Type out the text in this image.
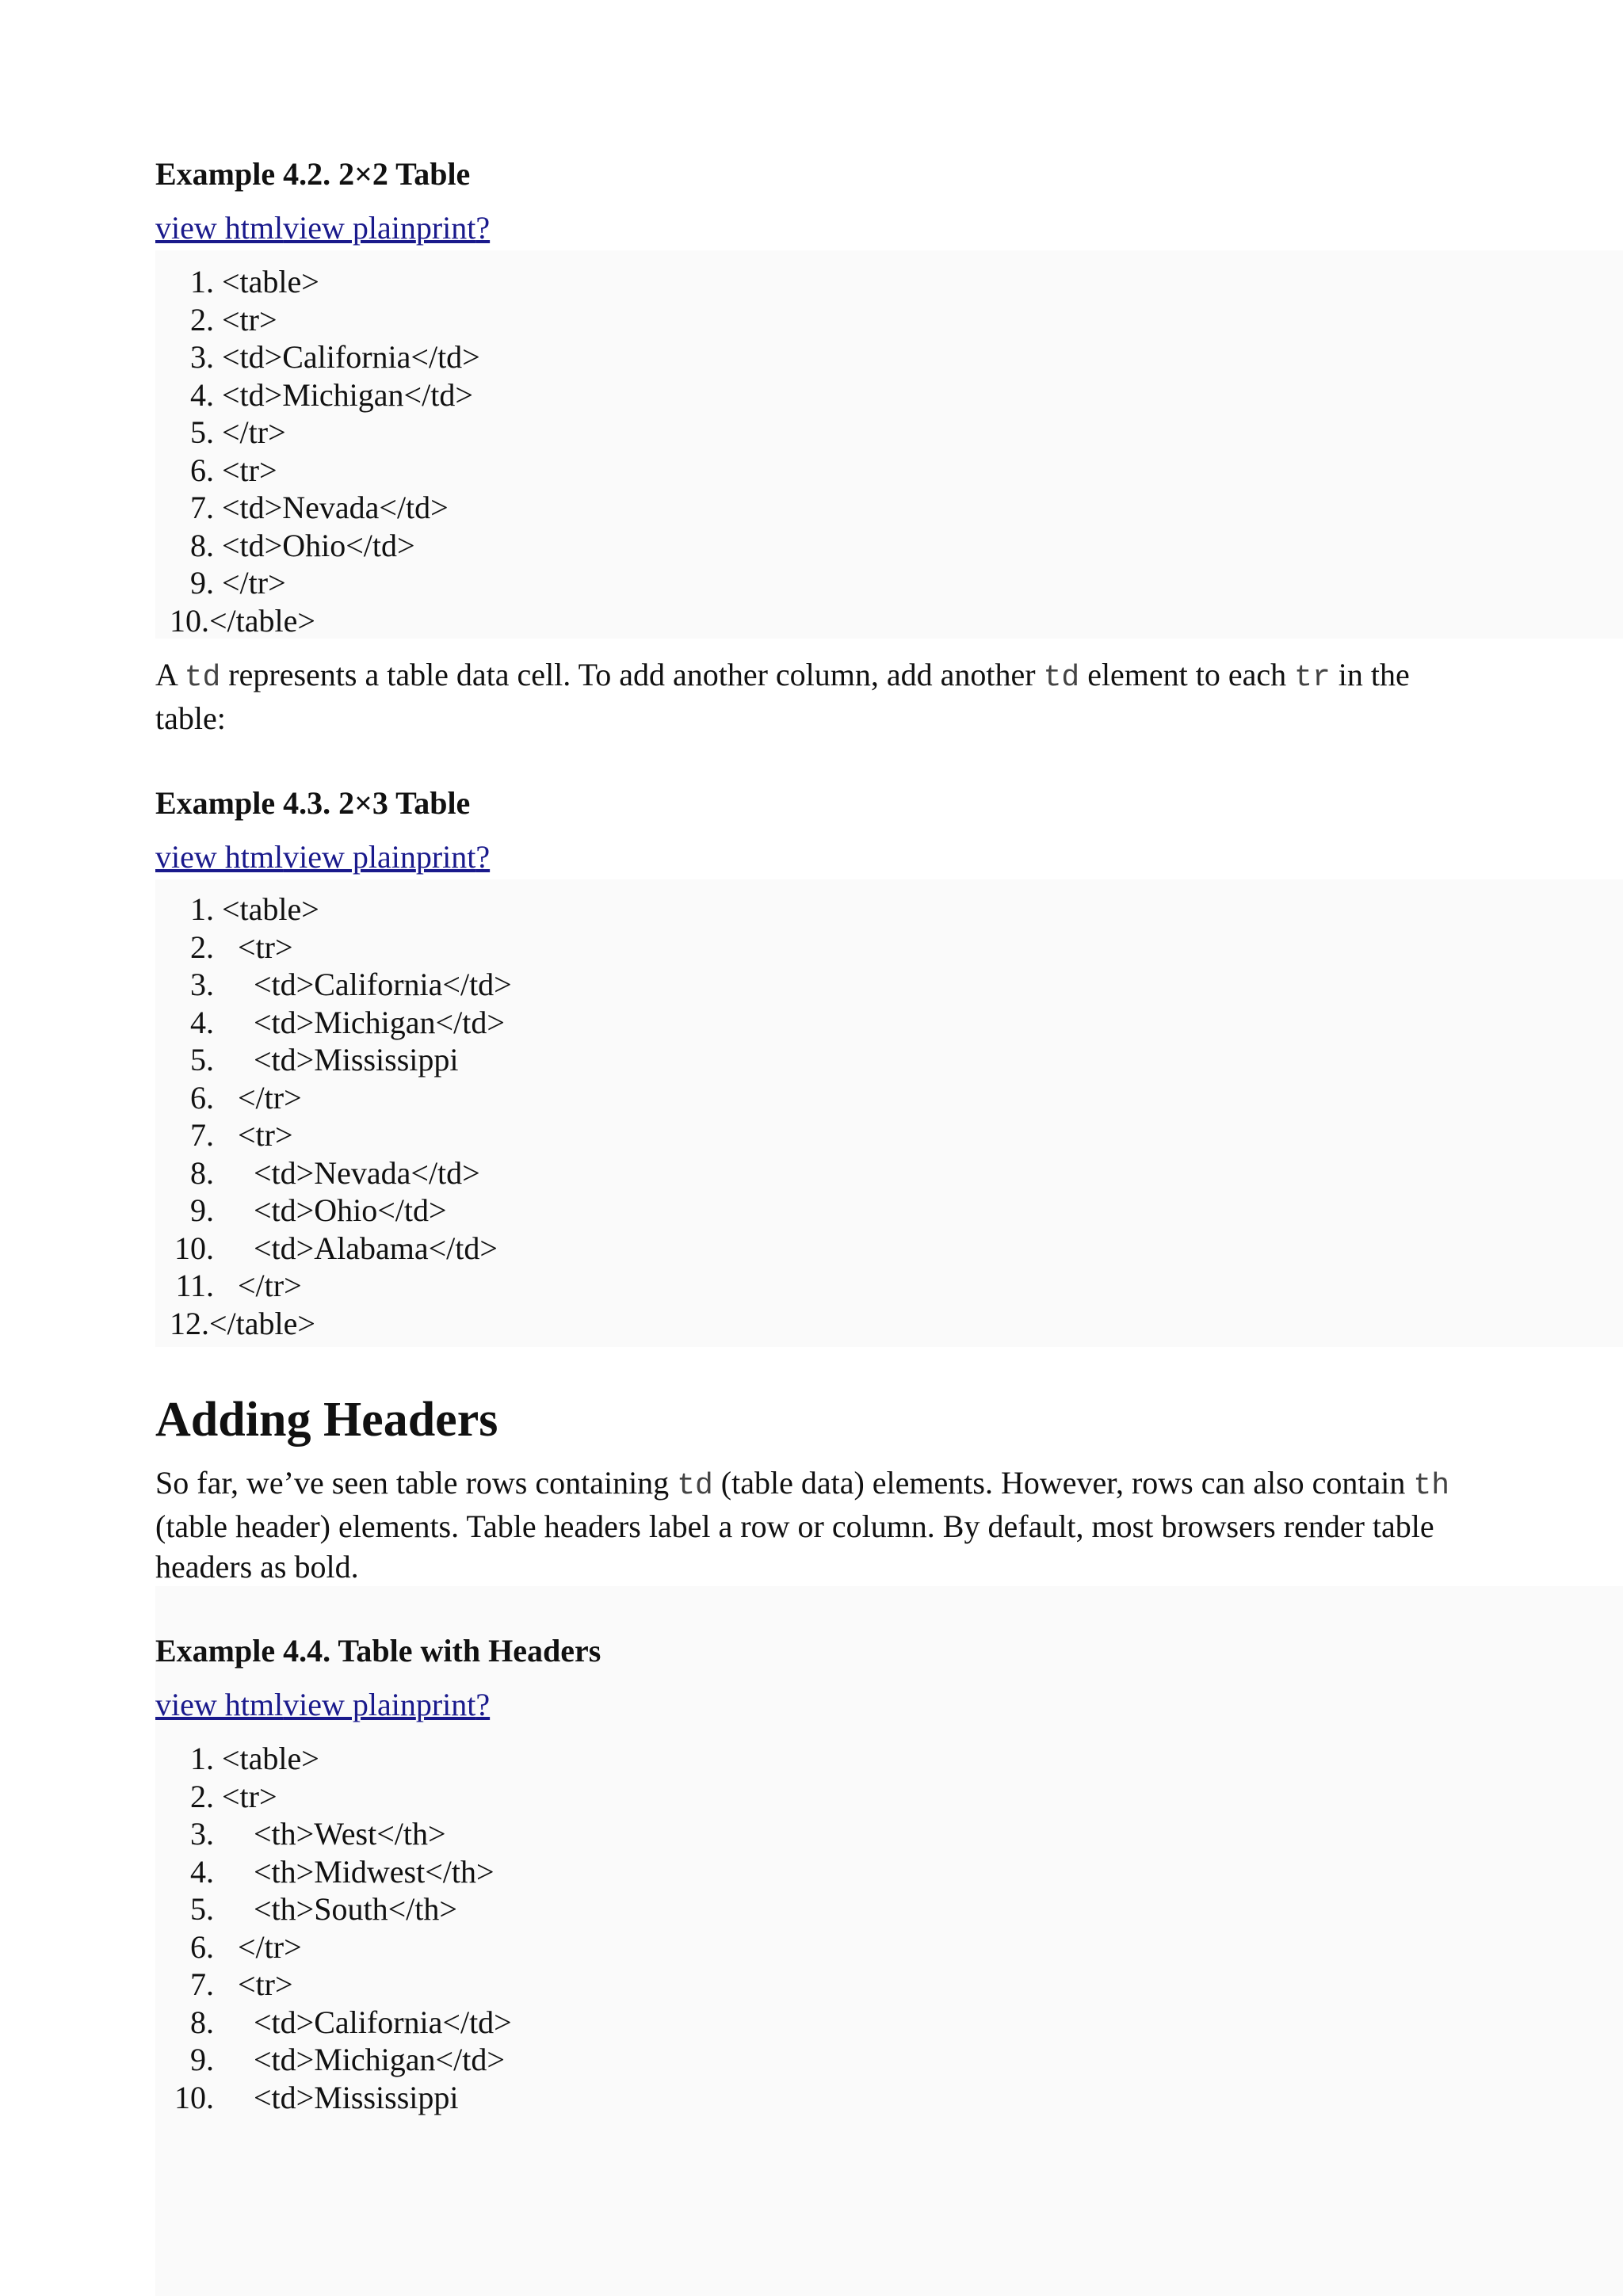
Example 4.2. 2×2 Table
view htmlview plainprint?
1. <table>
2. <tr>
3. <td>California</td>
4. <td>Michigan</td>
5. </tr>
6. <tr>
7. <td>Nevada</td>
8. <td>Ohio</td>
9. </tr>
10. </table>

A td represents a table data cell. To add another column, add another td element to each tr in the table:

Example 4.3. 2×3 Table
view htmlview plainprint?
1. <table>
2. <tr>
3. <td>California</td>
4. <td>Michigan</td>
5. <td>Mississippi
6. </tr>
7. <tr>
8. <td>Nevada</td>
9. <td>Ohio</td>
10. <td>Alabama</td>
11. </tr>
12. </table>
Adding Headers

So far, we’ve seen table rows containing td (table data) elements. However, rows can also contain th (table header) elements. Table headers label a row or column. By default, most browsers render table headers as bold.

Example 4.4. Table with Headers
view htmlview plainprint?
1. <table>
2. <tr>
3. <th>West</th>
4. <th>Midwest</th>
5. <th>South</th>
6. </tr>
7. <tr>
8. <td>California</td>
9. <td>Michigan</td>
10. <td>Mississippi
